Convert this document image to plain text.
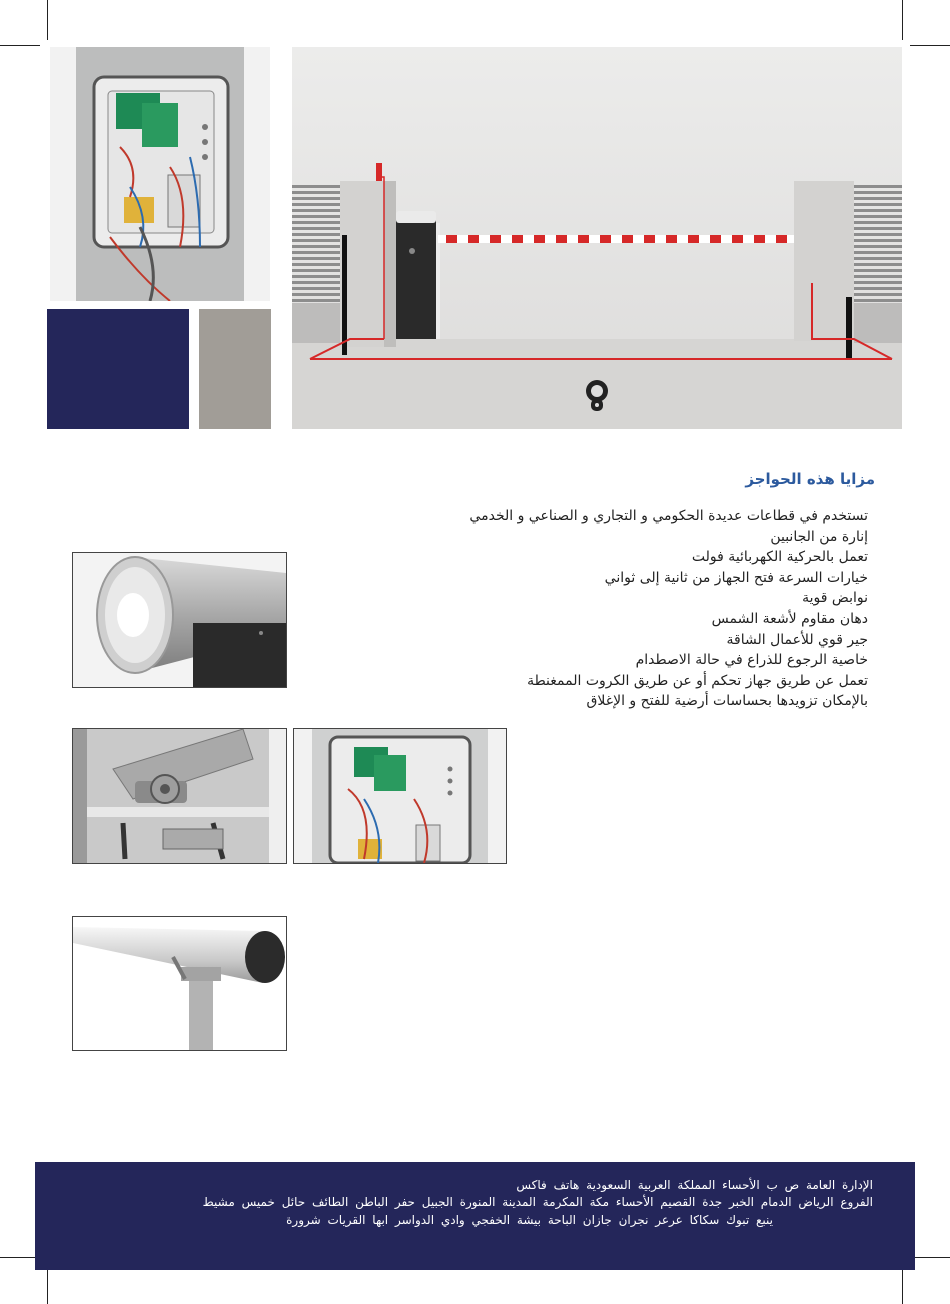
مزايا هذه الحواجز
تستخدم في قطاعات عديدة الحكومي و التجاري و الصناعي و الخدمي
إنارة من الجانبين
تعمل بالحركية الكهربائية فولت
خيارات السرعة فتح الجهاز من ثانية إلى ثواني
نوابض قوية
دهان مقاوم لأشعة الشمس
جير قوي للأعمال الشاقة
خاصية الرجوع للذراع في حالة الاصطدام
تعمل عن طريق جهاز تحكم أو عن طريق الكروت الممغنطة
بالإمكان تزويدها بحساسات أرضية للفتح و الإغلاق
الإدارة العامة ص ب الأحساء المملكة العربية السعودية هاتف فاكس
الفروع الرياض الدمام الخبر جدة القصيم الأحساء مكة المكرمة المدينة المنورة الجبيل حفر الباطن الطائف حائل خميس مشيط
ينبع تبوك سكاكا عرعر نجران جازان الباحة بيشة الخفجي وادي الدواسر ابها القريات شرورة
